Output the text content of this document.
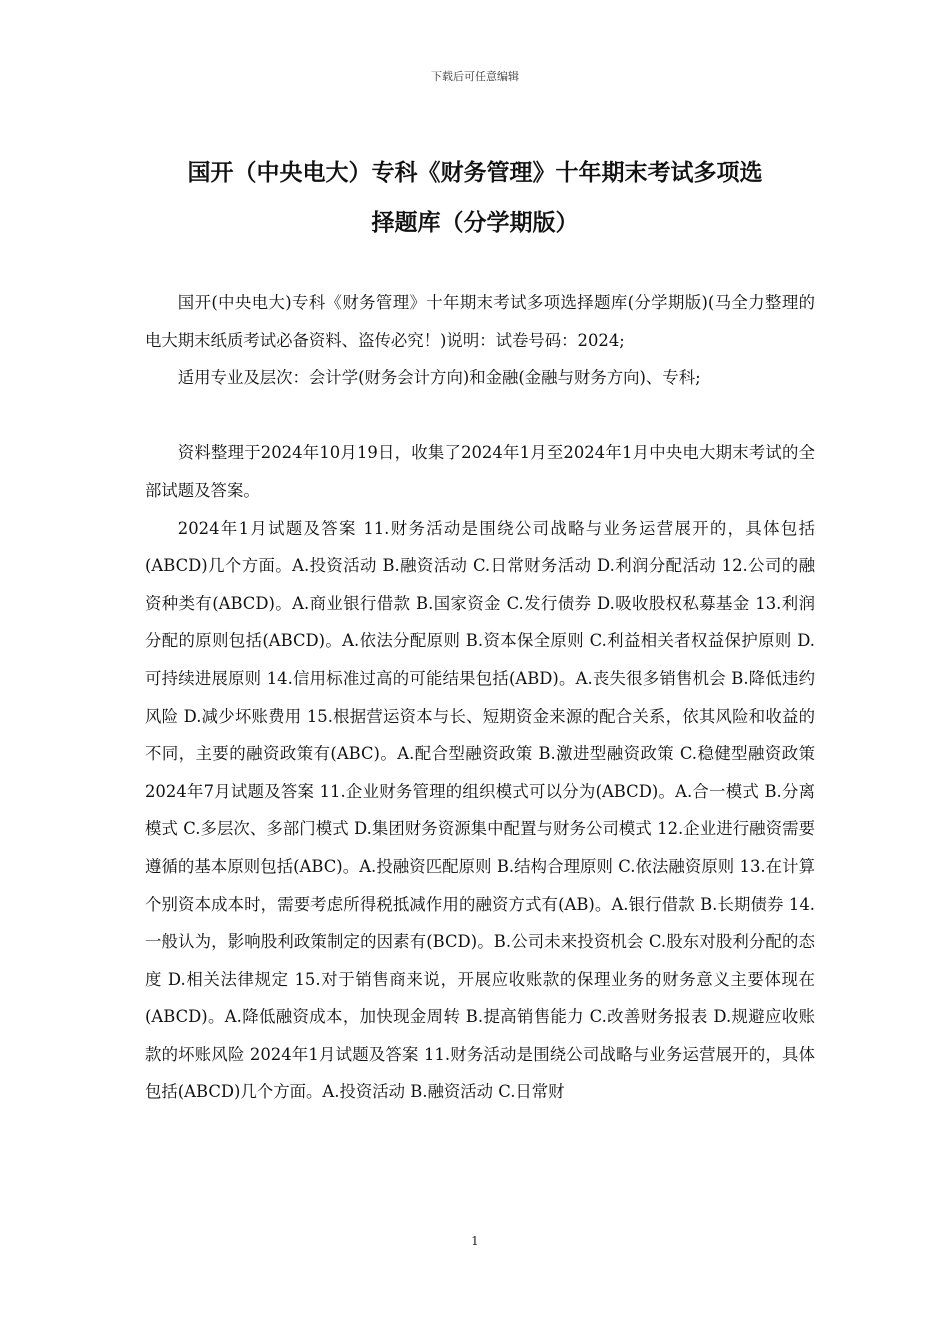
下载后可任意编辑
国开（中央电大）专科《财务管理》十年期末考试多项选
择题库（分学期版）

国开(中央电大)专科《财务管理》十年期末考试多项选择题库(分学期版)(马全力整理的电大期末纸质考试必备资料、盗传必究！)说明：试卷号码：2024;

适用专业及层次：会计学(财务会计方向)和金融(金融与财务方向)、专科;

资料整理于2024年10月19日，收集了2024年1月至2024年1月中央电大期末考试的全部试题及答案。

2024年1月试题及答案 11.财务活动是围绕公司战略与业务运营展开的，具体包括(ABCD)几个方面。A.投资活动 B.融资活动 C.日常财务活动 D.利润分配活动 12.公司的融资种类有(ABCD)。A.商业银行借款 B.国家资金 C.发行债券 D.吸收股权私募基金 13.利润分配的原则包括(ABCD)。A.依法分配原则 B.资本保全原则 C.利益相关者权益保护原则 D.可持续进展原则 14.信用标准过高的可能结果包括(ABD)。A.丧失很多销售机会 B.降低违约风险 D.减少坏账费用 15.根据营运资本与长、短期资金来源的配合关系，依其风险和收益的不同，主要的融资政策有(ABC)。A.配合型融资政策 B.激进型融资政策 C.稳健型融资政策 2024年7月试题及答案 11.企业财务管理的组织模式可以分为(ABCD)。A.合一模式 B.分离模式 C.多层次、多部门模式 D.集团财务资源集中配置与财务公司模式 12.企业进行融资需要遵循的基本原则包括(ABC)。A.投融资匹配原则 B.结构合理原则 C.依法融资原则 13.在计算个别资本成本时，需要考虑所得税抵减作用的融资方式有(AB)。A.银行借款 B.长期债券 14.一般认为，影响股利政策制定的因素有(BCD)。B.公司未来投资机会 C.股东对股利分配的态度 D.相关法律规定 15.对于销售商来说，开展应收账款的保理业务的财务意义主要体现在(ABCD)。A.降低融资成本，加快现金周转 B.提高销售能力 C.改善财务报表 D.规避应收账款的坏账风险 2024年1月试题及答案 11.财务活动是围绕公司战略与业务运营展开的，具体包括(ABCD)几个方面。A.投资活动 B.融资活动 C.日常财

1
